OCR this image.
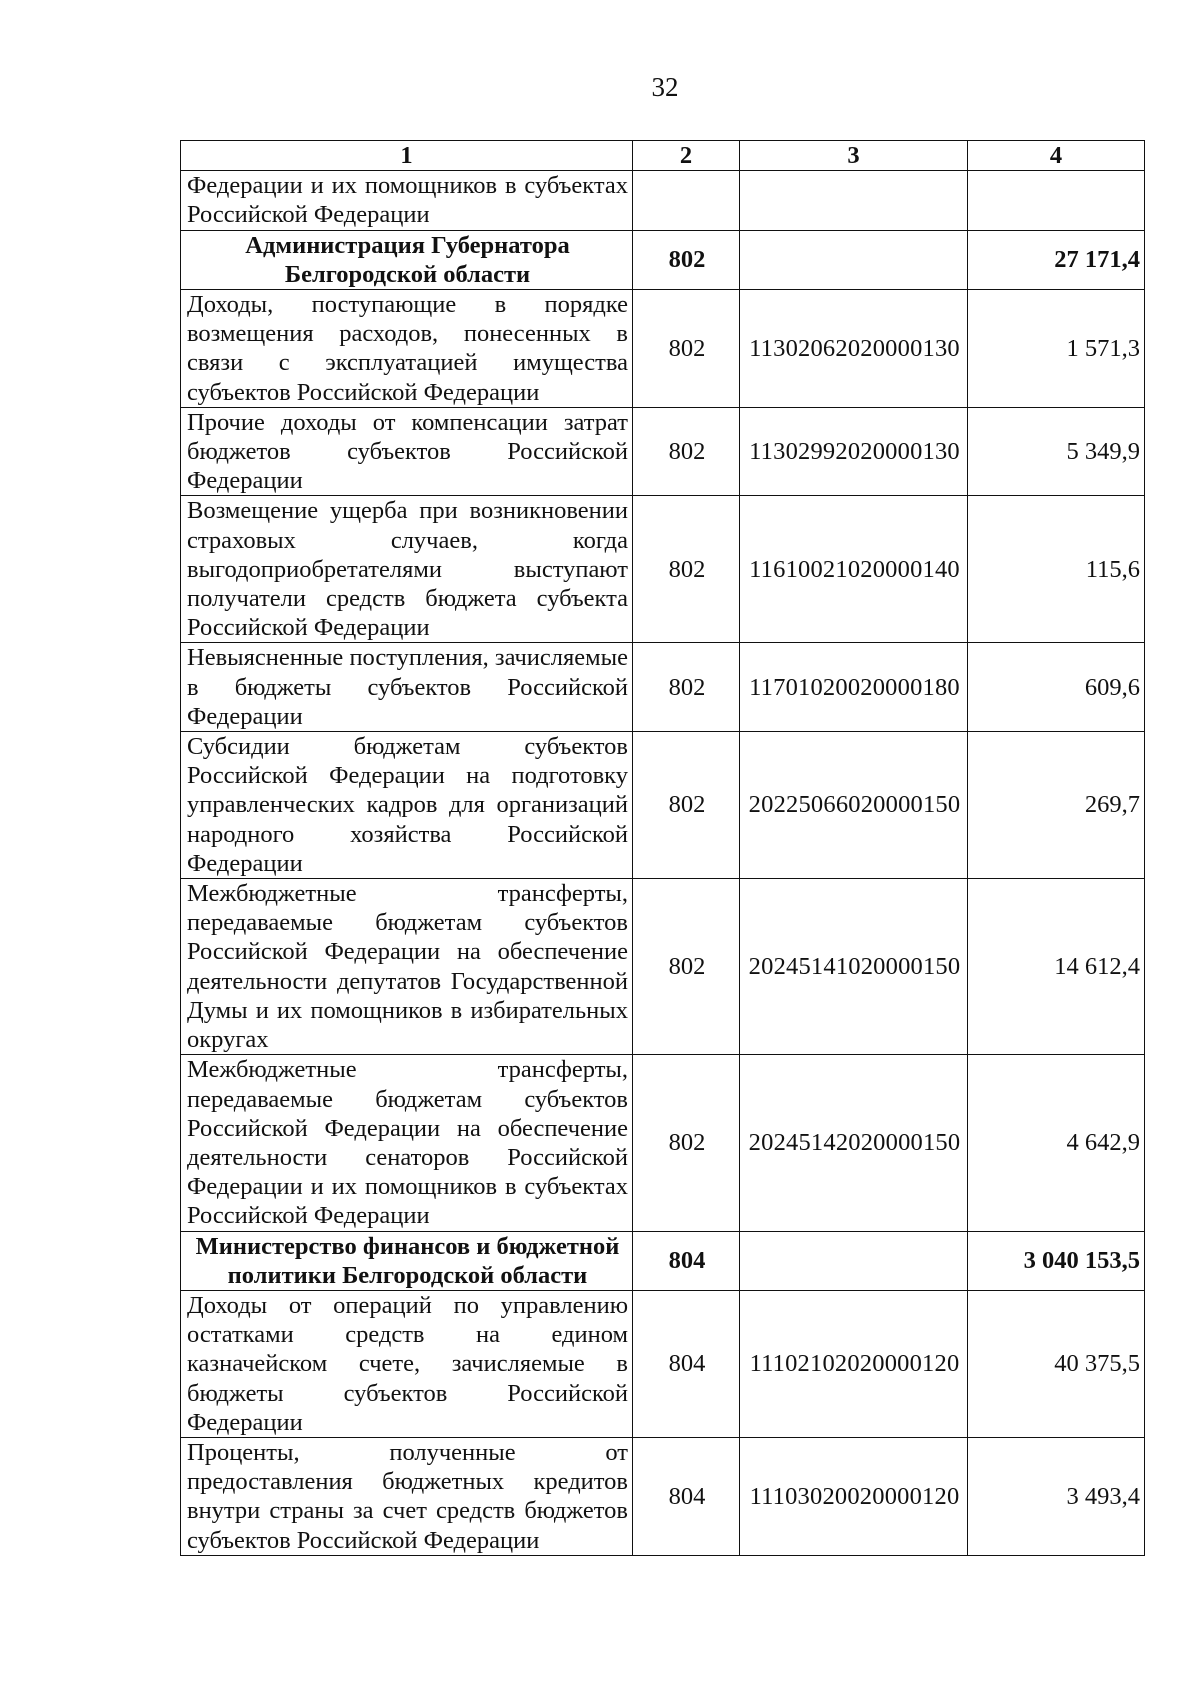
32
1	2	3	4
Федерации и их помощников в субъектах Российской Федерации			
Администрация Губернатора Белгородской области	802		27 171,4
Доходы, поступающие в порядке возмещения расходов, понесенных в связи с эксплуатацией имущества субъектов Российской Федерации	802	11302062020000130	1 571,3
Прочие доходы от компенсации затрат бюджетов субъектов Российской Федерации	802	11302992020000130	5 349,9
Возмещение ущерба при возникновении страховых случаев, когда выгодоприобретателями выступают получатели средств бюджета субъекта Российской Федерации	802	11610021020000140	115,6
Невыясненные поступления, зачисляемые в бюджеты субъектов Российской Федерации	802	11701020020000180	609,6
Субсидии бюджетам субъектов Российской Федерации на подготовку управленческих кадров для организаций народного хозяйства Российской Федерации	802	20225066020000150	269,7
Межбюджетные трансферты, передаваемые бюджетам субъектов Российской Федерации на обеспечение деятельности депутатов Государственной Думы и их помощников в избирательных округах	802	20245141020000150	14 612,4
Межбюджетные трансферты, передаваемые бюджетам субъектов Российской Федерации на обеспечение деятельности сенаторов Российской Федерации и их помощников в субъектах Российской Федерации	802	20245142020000150	4 642,9
Министерство финансов и бюджетной политики Белгородской области	804		3 040 153,5
Доходы от операций по управлению остатками средств на едином казначейском счете, зачисляемые в бюджеты субъектов Российской Федерации	804	11102102020000120	40 375,5
Проценты, полученные от предоставления бюджетных кредитов внутри страны за счет средств бюджетов субъектов Российской Федерации	804	11103020020000120	3 493,4
